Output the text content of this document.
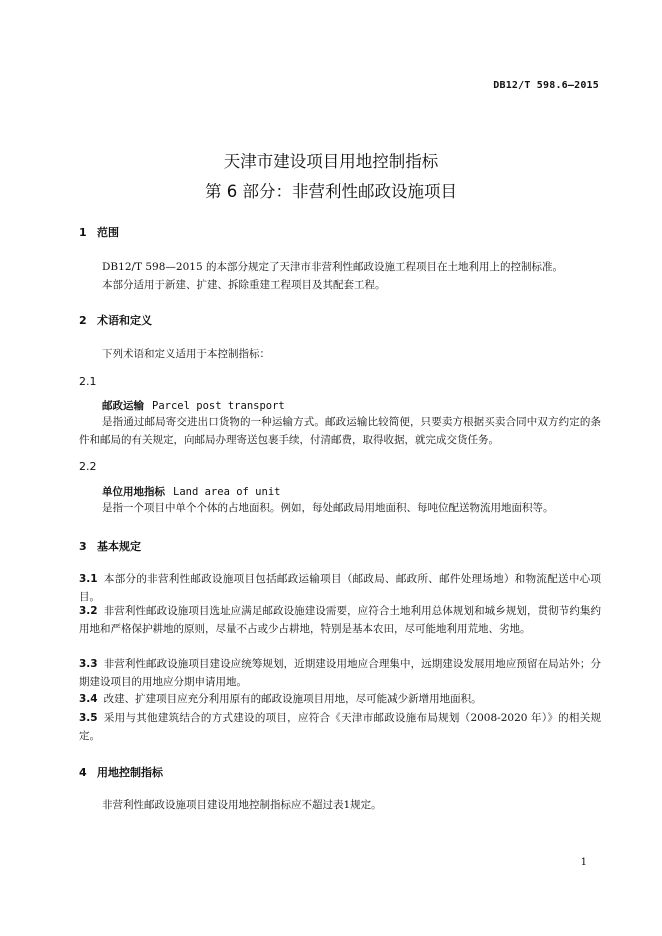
DB12/T 598.6—2015
天津市建设项目用地控制指标
第 6 部分：非营利性邮政设施项目
1 范围
DB12/T 598—2015 的本部分规定了天津市非营利性邮政设施工程项目在土地利用上的控制标准。
本部分适用于新建、扩建、拆除重建工程项目及其配套工程。
2 术语和定义
下列术语和定义适用于本控制指标：
2.1
邮政运输 Parcel post transport
是指通过邮局寄交进出口货物的一种运输方式。邮政运输比较简便，只要卖方根据买卖合同中双方约定的条件和邮局的有关规定，向邮局办理寄送包裹手续，付清邮费，取得收据，就完成交货任务。
2.2
单位用地指标 Land area of unit
是指一个项目中单个个体的占地面积。例如，每处邮政局用地面积、每吨位配送物流用地面积等。
3 基本规定
3.1 本部分的非营利性邮政设施项目包括邮政运输项目（邮政局、邮政所、邮件处理场地）和物流配送中心项目。
3.2 非营利性邮政设施项目选址应满足邮政设施建设需要，应符合土地利用总体规划和城乡规划，贯彻节约集约用地和严格保护耕地的原则，尽量不占或少占耕地，特别是基本农田，尽可能地利用荒地、劣地。
3.3 非营利性邮政设施项目建设应统筹规划，近期建设用地应合理集中，远期建设发展用地应预留在局站外；分期建设项目的用地应分期申请用地。
3.4 改建、扩建项目应充分利用原有的邮政设施项目用地，尽可能减少新增用地面积。
3.5 采用与其他建筑结合的方式建设的项目，应符合《天津市邮政设施布局规划（2008-2020 年）》的相关规定。
4 用地控制指标
非营利性邮政设施项目建设用地控制指标应不超过表1规定。
1
